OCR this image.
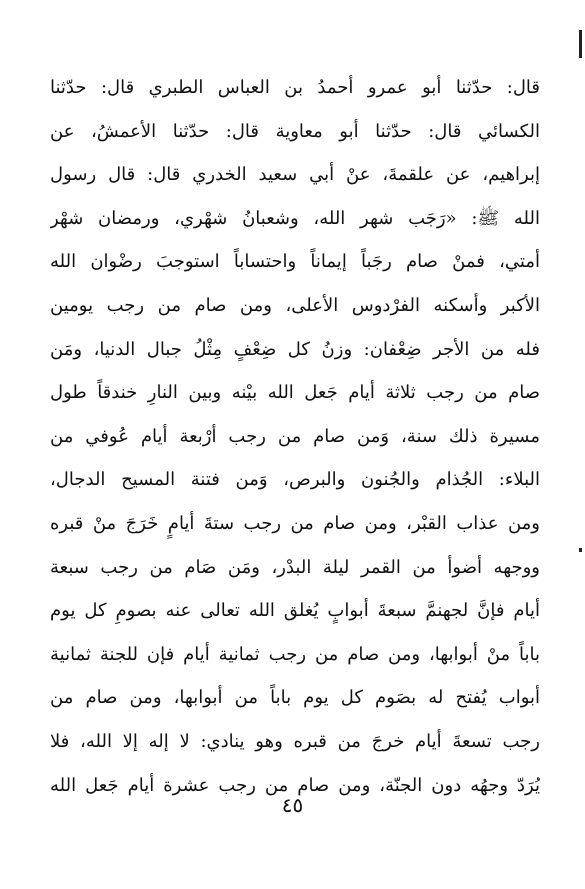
قال: حدّثنا أبو عمرو أحمدُ بن العباس الطبري قال: حدّثنا
الكسائي قال: حدّثنا أبو معاوية قال: حدّثنا الأعمشُ، عن
إبراهيم، عن علقمةَ، عنْ أبي سعيد الخدري قال: قال رسول
الله ﷺ: «رَجَب شهر الله، وشعبانُ شهْري، ورمضان شهْر
أمتي، فمنْ صام رجَباً إيماناً واحتساباً استوجبَ رضْوان الله
الأكبر وأسكنه الفرْدوس الأعلى، ومن صام من رجب يومين
فله من الأجر ضِعْفان: وزنُ كل ضِعْفٍ مِثْلُ جبال الدنيا، ومَن
صام من رجب ثلاثة أيام جَعل الله بيْنه وبين النارِ خندقاً طول
مسيرة ذلك سنة، وَمن صام من رجب أرْبعة أيام عُوفي من
البلاء: الجُذام والجُنون والبرص، وَمن فتنة المسيح الدجال،
ومن عذاب القبْر، ومن صام من رجب ستةَ أيامٍ خَرَجَ منْ قبره
ووجهه أضوأ من القمر ليلة البدْر، ومَن صَام من رجب سبعة
أيام فإنَّ لجهنمَّ سبعةَ أبوابٍ يُغلق الله تعالى عنه بصومِ كل يوم
باباً منْ أبوابها، ومن صام من رجب ثمانية أيام فإن للجنة ثمانية
أبواب يُفتح له بصَوم كل يوم باباً من أبوابها، ومن صام من
رجب تسعةَ أيام خرجَ من قبره وهو ينادي: لا إله إلا الله، فلا
يُرَدّ وجهُه دون الجنّة، ومن صام من رجب عشرة أيام جَعل الله
٤٥
